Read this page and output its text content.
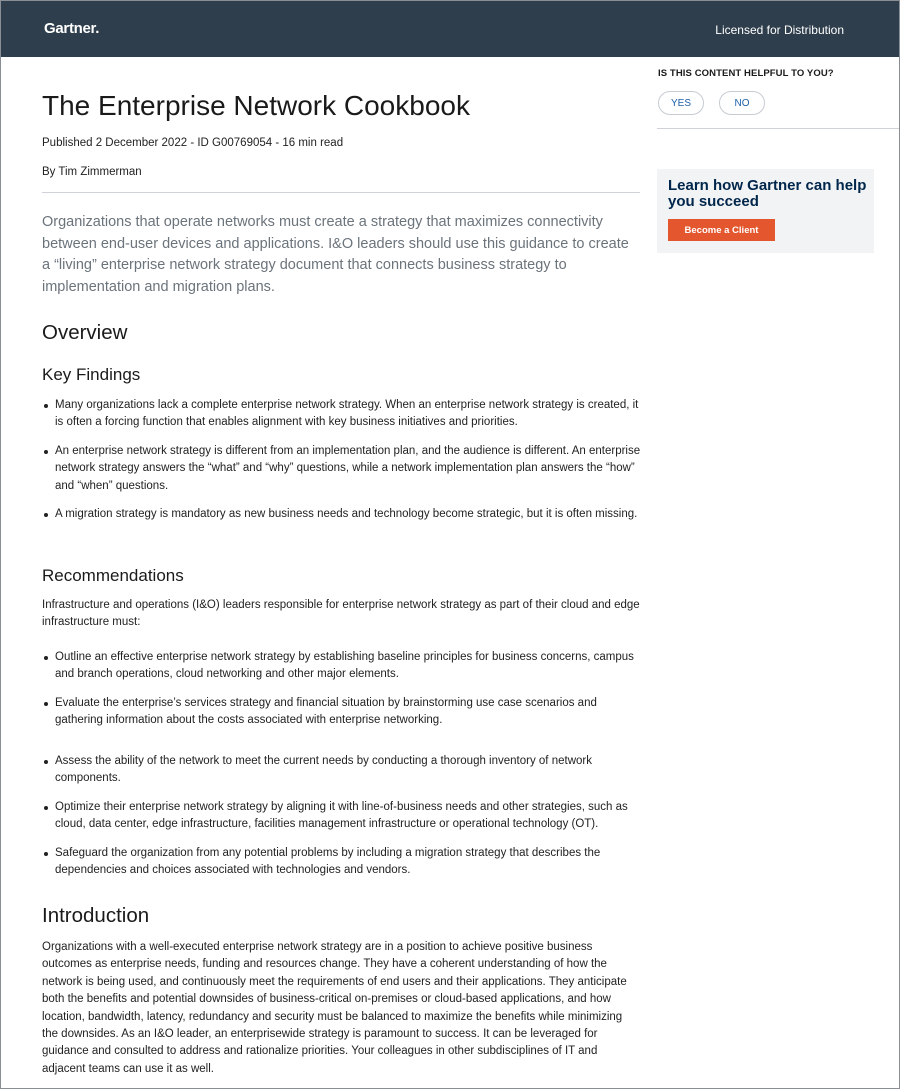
Gartner.	Licensed for Distribution
The Enterprise Network Cookbook
Published 2 December 2022 - ID G00769054 - 16 min read
By Tim Zimmerman

Organizations that operate networks must create a strategy that maximizes connectivity between end-user devices and applications. I&O leaders should use this guidance to create a “living” enterprise network strategy document that connects business strategy to implementation and migration plans.

Overview
Key Findings
Many organizations lack a complete enterprise network strategy. When an enterprise network strategy is created, it is often a forcing function that enables alignment with key business initiatives and priorities.
An enterprise network strategy is different from an implementation plan, and the audience is different. An enterprise network strategy answers the “what” and “why” questions, while a network implementation plan answers the “how” and “when” questions.
A migration strategy is mandatory as new business needs and technology become strategic, but it is often missing.
Recommendations

Infrastructure and operations (I&O) leaders responsible for enterprise network strategy as part of their cloud and edge infrastructure must:

Outline an effective enterprise network strategy by establishing baseline principles for business concerns, campus and branch operations, cloud networking and other major elements.
Evaluate the enterprise’s services strategy and financial situation by brainstorming use case scenarios and gathering information about the costs associated with enterprise networking.
Assess the ability of the network to meet the current needs by conducting a thorough inventory of network components.
Optimize their enterprise network strategy by aligning it with line-of-business needs and other strategies, such as cloud, data center, edge infrastructure, facilities management infrastructure or operational technology (OT).
Safeguard the organization from any potential problems by including a migration strategy that describes the dependencies and choices associated with technologies and vendors.
Introduction

Organizations with a well-executed enterprise network strategy are in a position to achieve positive business outcomes as enterprise needs, funding and resources change. They have a coherent understanding of how the network is being used, and continuously meet the requirements of end users and their applications. They anticipate both the benefits and potential downsides of business-critical on-premises or cloud-based applications, and how location, bandwidth, latency, redundancy and security must be balanced to maximize the benefits while minimizing the downsides. As an I&O leader, an enterprisewide strategy is paramount to success. It can be leveraged for guidance and consulted to address and rationalize priorities. Your colleagues in other subdisciplines of IT and adjacent teams can use it as well.

IS THIS CONTENT HELPFUL TO YOU?
YES	NO

Learn how Gartner can help you succeed

Become a Client
